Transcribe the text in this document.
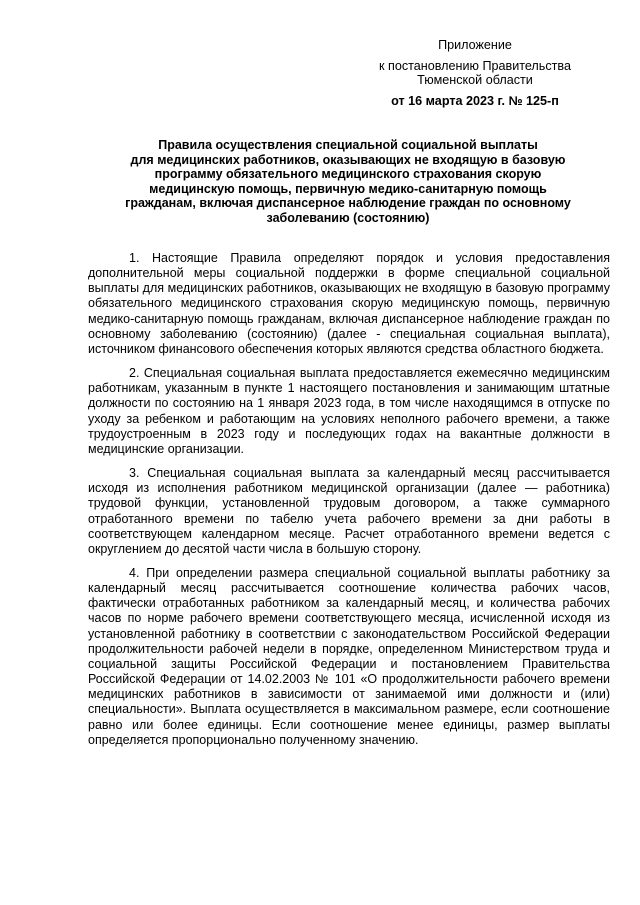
Приложение
к постановлению Правительства
Тюменской области
от 16 марта 2023 г. № 125-п
Правила осуществления специальной социальной выплаты
для медицинских работников, оказывающих не входящую в базовую
программу обязательного медицинского страхования скорую
медицинскую помощь, первичную медико-санитарную помощь
гражданам, включая диспансерное наблюдение граждан по основному
заболеванию (состоянию)

1. Настоящие Правила определяют порядок и условия предоставления дополнительной меры социальной поддержки в форме специальной социальной выплаты для медицинских работников, оказывающих не входящую в базовую программу обязательного медицинского страхования скорую медицинскую помощь, первичную медико-санитарную помощь гражданам, включая диспансерное наблюдение граждан по основному заболеванию (состоянию) (далее - специальная социальная выплата), источником финансового обеспечения которых являются средства областного бюджета.

2. Специальная социальная выплата предоставляется ежемесячно медицинским работникам, указанным в пункте 1 настоящего постановления и занимающим штатные должности по состоянию на 1 января 2023 года, в том числе находящимся в отпуске по уходу за ребенком и работающим на условиях неполного рабочего времени, а также трудоустроенным в 2023 году и последующих годах на вакантные должности в медицинские организации.

3. Специальная социальная выплата за календарный месяц рассчитывается исходя из исполнения работником медицинской организации (далее — работника) трудовой функции, установленной трудовым договором, а также суммарного отработанного времени по табелю учета рабочего времени за дни работы в соответствующем календарном месяце. Расчет отработанного времени ведется с округлением до десятой части числа в большую сторону.

4. При определении размера специальной социальной выплаты работнику за календарный месяц рассчитывается соотношение количества рабочих часов, фактически отработанных работником за календарный месяц, и количества рабочих часов по норме рабочего времени соответствующего месяца, исчисленной исходя из установленной работнику в соответствии с законодательством Российской Федерации продолжительности рабочей недели в порядке, определенном Министерством труда и социальной защиты Российской Федерации и постановлением Правительства Российской Федерации от 14.02.2003 № 101 «О продолжительности рабочего времени медицинских работников в зависимости от занимаемой ими должности и (или) специальности». Выплата осуществляется в максимальном размере, если соотношение равно или более единицы. Если соотношение менее единицы, размер выплаты определяется пропорционально полученному значению.
